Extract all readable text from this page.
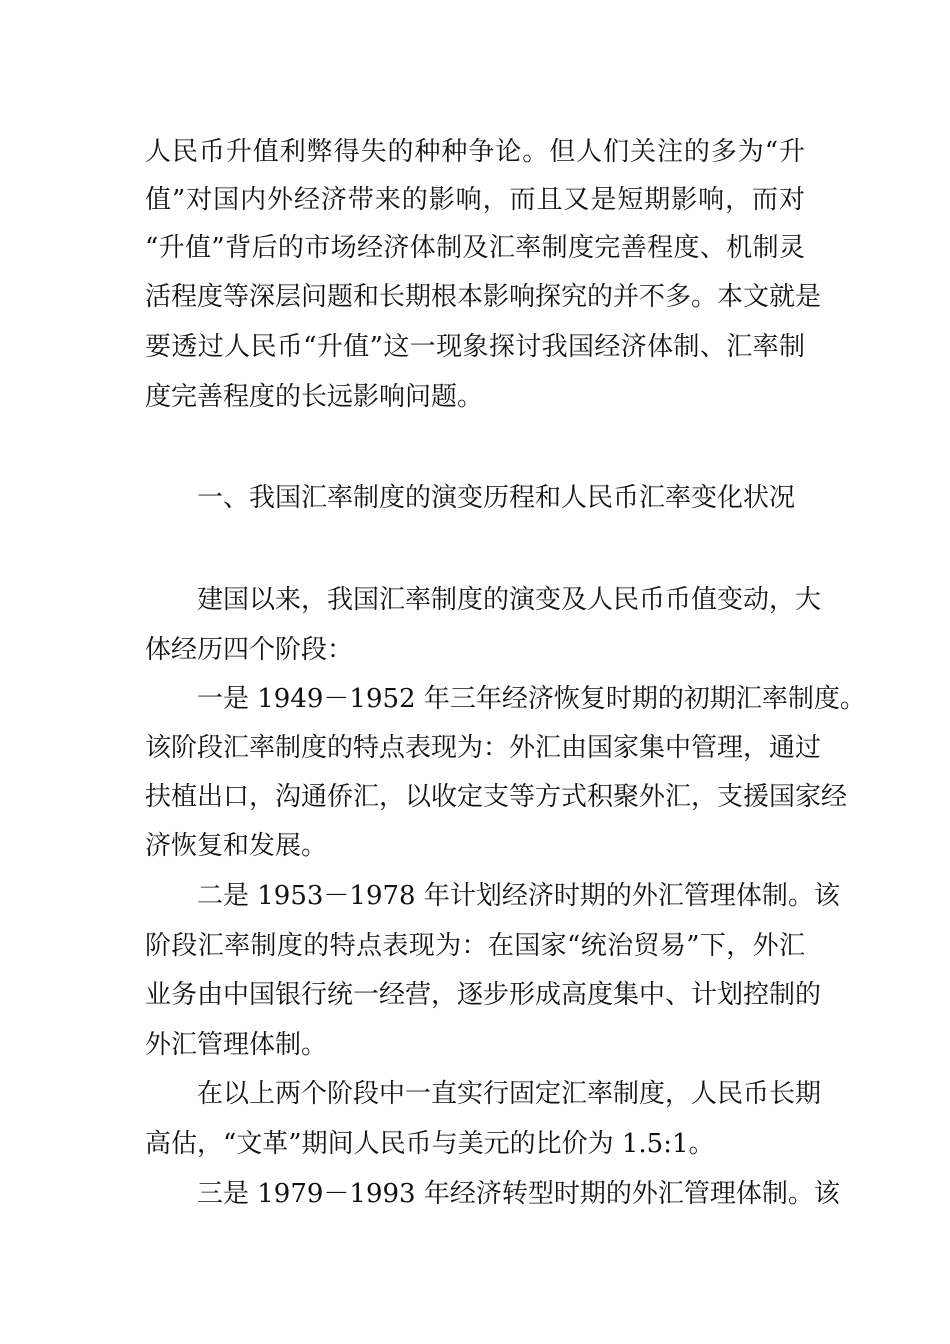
人民币升值利弊得失的种种争论。但人们关注的多为“升
值”对国内外经济带来的影响，而且又是短期影响，而对
“升值”背后的市场经济体制及汇率制度完善程度、机制灵
活程度等深层问题和长期根本影响探究的并不多。本文就是
要透过人民币“升值”这一现象探讨我国经济体制、汇率制
度完善程度的长远影响问题。
一、我国汇率制度的演变历程和人民币汇率变化状况
建国以来，我国汇率制度的演变及人民币币值变动，大
体经历四个阶段：
一是 1949－1952 年三年经济恢复时期的初期汇率制度。
该阶段汇率制度的特点表现为：外汇由国家集中管理，通过
扶植出口，沟通侨汇，以收定支等方式积聚外汇，支援国家经
济恢复和发展。
二是 1953－1978 年计划经济时期的外汇管理体制。该
阶段汇率制度的特点表现为：在国家“统治贸易”下，外汇
业务由中国银行统一经营，逐步形成高度集中、计划控制的
外汇管理体制。
在以上两个阶段中一直实行固定汇率制度，人民币长期
高估，“文革”期间人民币与美元的比价为 1.5:1。
三是 1979－1993 年经济转型时期的外汇管理体制。该
